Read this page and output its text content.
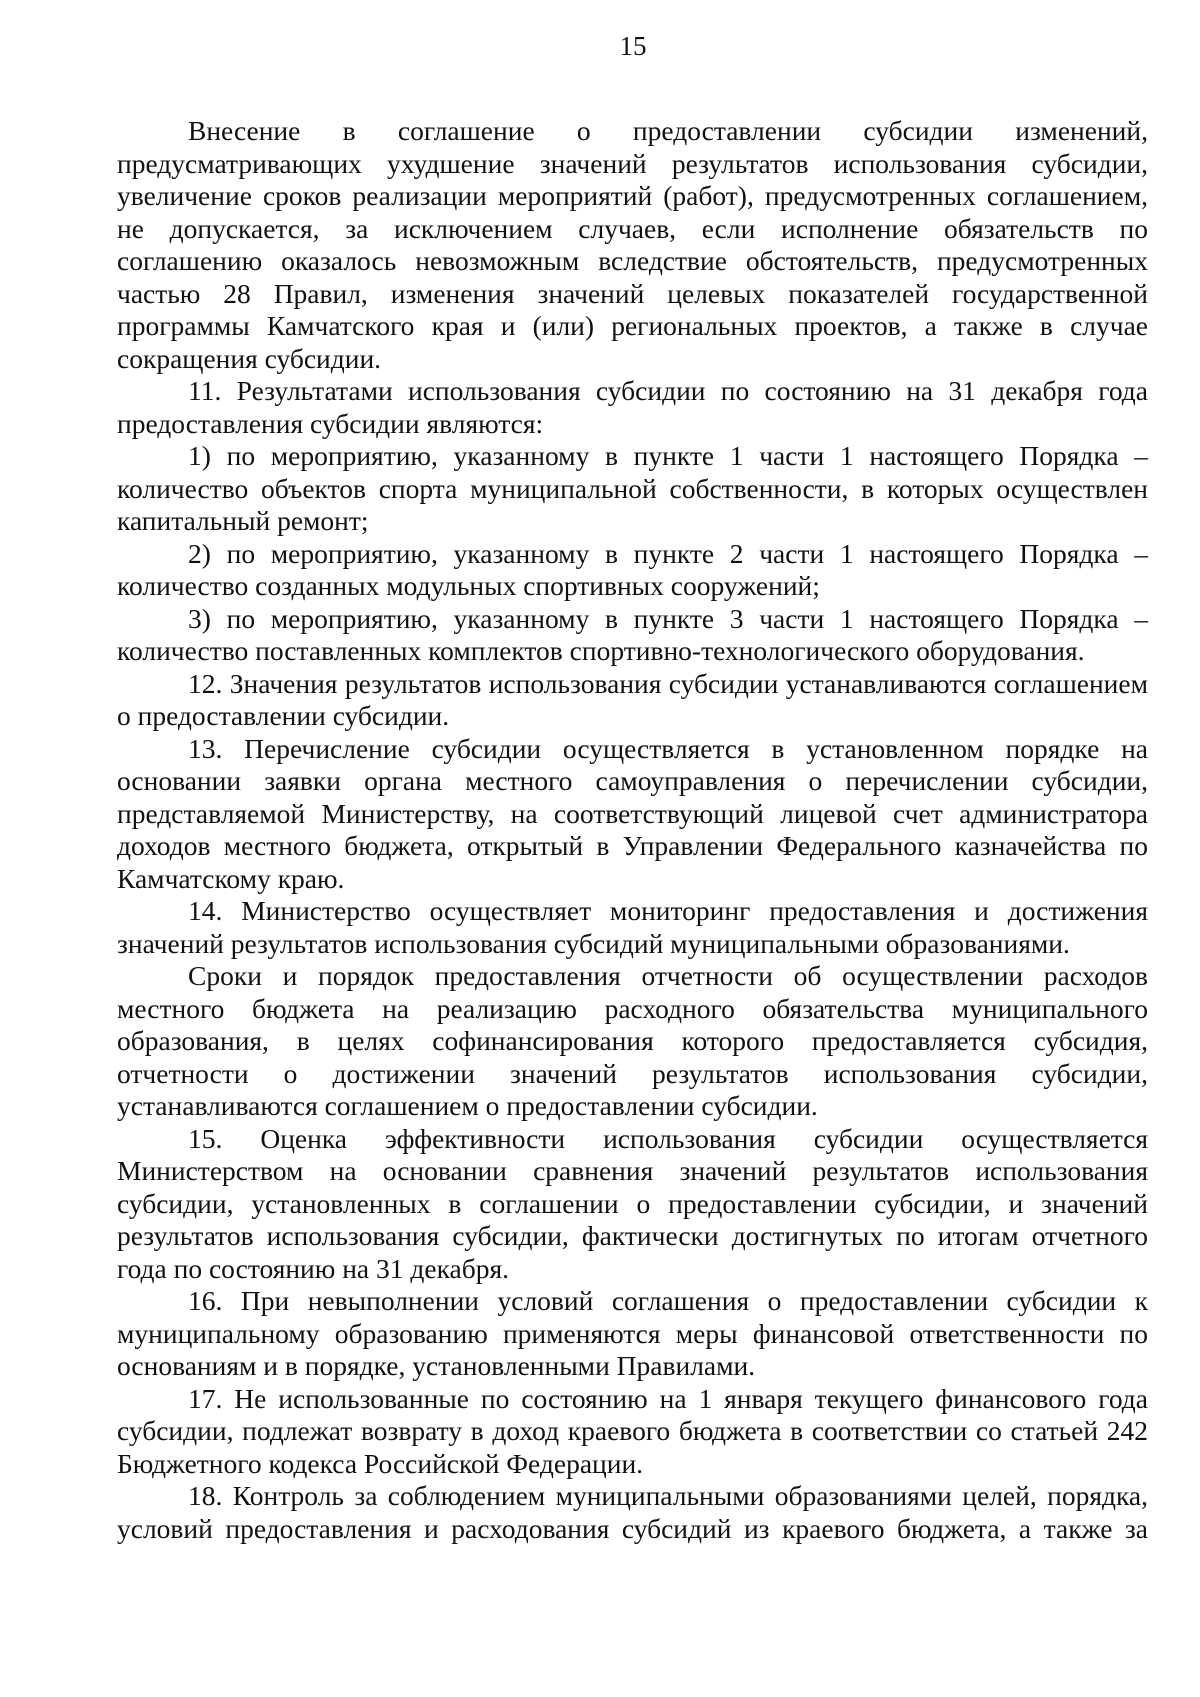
15

Внесение в соглашение о предоставлении субсидии изменений, предусматривающих ухудшение значений результатов использования субсидии, увеличение сроков реализации мероприятий (работ), предусмотренных соглашением, не допускается, за исключением случаев, если исполнение обязательств по соглашению оказалось невозможным вследствие обстоятельств, предусмотренных частью 28 Правил, изменения значений целевых показателей государственной программы Камчатского края и (или) региональных проектов, а также в случае сокращения субсидии.

11. Результатами использования субсидии по состоянию на 31 декабря года предоставления субсидии являются:

1) по мероприятию, указанному в пункте 1 части 1 настоящего Порядка – количество объектов спорта муниципальной собственности, в которых осуществлен капитальный ремонт;

2) по мероприятию, указанному в пункте 2 части 1 настоящего Порядка – количество созданных модульных спортивных сооружений;

3) по мероприятию, указанному в пункте 3 части 1 настоящего Порядка – количество поставленных комплектов спортивно-технологического оборудования.

12. Значения результатов использования субсидии устанавливаются соглашением о предоставлении субсидии.

13. Перечисление субсидии осуществляется в установленном порядке на основании заявки органа местного самоуправления о перечислении субсидии, представляемой Министерству, на соответствующий лицевой счет администратора доходов местного бюджета, открытый в Управлении Федерального казначейства по Камчатскому краю.

14. Министерство осуществляет мониторинг предоставления и достижения значений результатов использования субсидий муниципальными образованиями.

Сроки и порядок предоставления отчетности об осуществлении расходов местного бюджета на реализацию расходного обязательства муниципального образования, в целях софинансирования которого предоставляется субсидия, отчетности о достижении значений результатов использования субсидии, устанавливаются соглашением о предоставлении субсидии.

15. Оценка эффективности использования субсидии осуществляется Министерством на основании сравнения значений результатов использования субсидии, установленных в соглашении о предоставлении субсидии, и значений результатов использования субсидии, фактически достигнутых по итогам отчетного года по состоянию на 31 декабря.

16. При невыполнении условий соглашения о предоставлении субсидии к муниципальному образованию применяются меры финансовой ответственности по основаниям и в порядке, установленными Правилами.

17. Не использованные по состоянию на 1 января текущего финансового года субсидии, подлежат возврату в доход краевого бюджета в соответствии со статьей 242 Бюджетного кодекса Российской Федерации.

18. Контроль за соблюдением муниципальными образованиями целей, порядка, условий предоставления и расходования субсидий из краевого бюджета, а также за
